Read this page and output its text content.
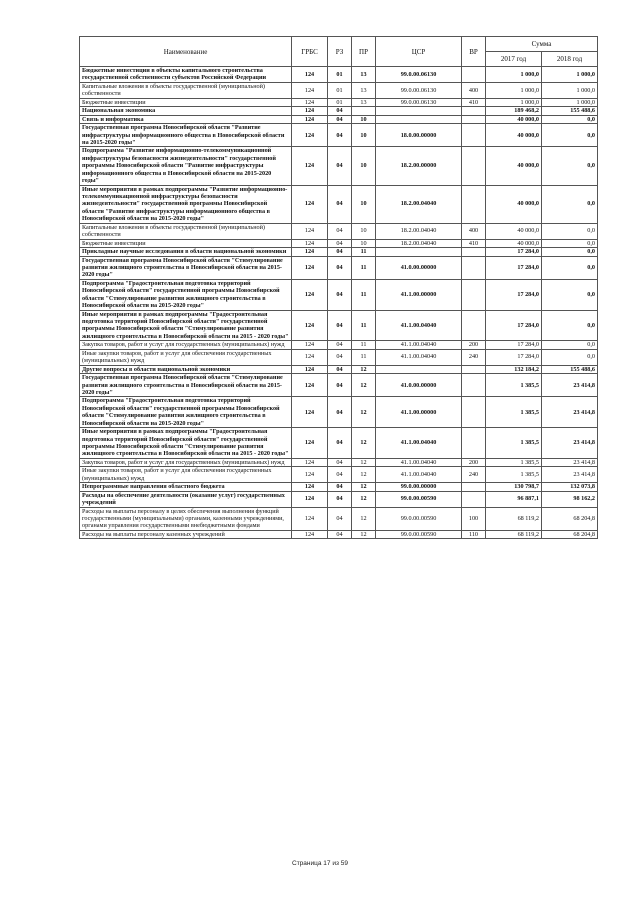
Наименование	ГРБС	РЗ	ПР	ЦСР	ВР	Сумма	
						2017 год	2018 год
Бюджетные инвестиции в объекты капитального строительства государственной собственности субъектов Российской Федерации	124	01	13	99.0.00.06130		1 000,0	1 000,0
Капитальные вложения в объекты государственной (муниципальной) собственности	124	01	13	99.0.00.06130	400	1 000,0	1 000,0
Бюджетные инвестиции	124	01	13	99.0.00.06130	410	1 000,0	1 000,0
Национальная экономика	124	04				189 468,2	155 488,6
Связь и информатика	124	04	10			40 000,0	0,0
Государственная программа Новосибирской области "Развитие инфраструктуры информационного общества в Новосибирской области на 2015-2020 годы"	124	04	10	18.0.00.00000		40 000,0	0,0
Подпрограмма "Развитие информационно-телекоммуникационной инфраструктуры безопасности жизнедеятельности" государственной программы Новосибирской области "Развитие инфраструктуры информационного общества в Новосибирской области на 2015-2020 годы"	124	04	10	18.2.00.00000		40 000,0	0,0
Иные мероприятия в рамках подпрограммы "Развитие информационно-телекоммуникационной инфраструктуры безопасности жизнедеятельности" государственной программы Новосибирской области "Развитие инфраструктуры информационного общества в Новосибирской области на 2015-2020 годы"	124	04	10	18.2.00.04040		40 000,0	0,0
Капитальные вложения в объекты государственной (муниципальной) собственности	124	04	10	18.2.00.04040	400	40 000,0	0,0
Бюджетные инвестиции	124	04	10	18.2.00.04040	410	40 000,0	0,0
Прикладные научные исследования в области национальной экономики	124	04	11			17 284,0	0,0
Государственная программа Новосибирской области "Стимулирование развития жилищного строительства в Новосибирской области на 2015-2020 годы"	124	04	11	41.0.00.00000		17 284,0	0,0
Подпрограмма "Градостроительная подготовка территорий Новосибирской области" государственной программы Новосибирской области "Стимулирование развития жилищного строительства в Новосибирской области на 2015-2020 годы"	124	04	11	41.1.00.00000		17 284,0	0,0
Иные мероприятия в рамках подпрограммы "Градостроительная подготовка территорий Новосибирской области" государственной программы Новосибирской области "Стимулирование развития жилищного строительства в Новосибирской области на 2015 - 2020 годы"	124	04	11	41.1.00.04040		17 284,0	0,0
Закупка товаров, работ и услуг для государственных (муниципальных) нужд	124	04	11	41.1.00.04040	200	17 284,0	0,0
Иные закупки товаров, работ и услуг для обеспечения государственных (муниципальных) нужд	124	04	11	41.1.00.04040	240	17 284,0	0,0
Другие вопросы в области национальной экономики	124	04	12			132 184,2	155 488,6
Государственная программа Новосибирской области "Стимулирование развития жилищного строительства в Новосибирской области на 2015-2020 годы"	124	04	12	41.0.00.00000		1 385,5	23 414,8
Подпрограмма "Градостроительная подготовка территорий Новосибирской области" государственной программы Новосибирской области "Стимулирование развития жилищного строительства в Новосибирской области на 2015-2020 годы"	124	04	12	41.1.00.00000		1 385,5	23 414,8
Иные мероприятия в рамках подпрограммы "Градостроительная подготовка территорий Новосибирской области" государственной программы Новосибирской области "Стимулирование развития жилищного строительства в Новосибирской области на 2015 - 2020 годы"	124	04	12	41.1.00.04040		1 385,5	23 414,8
Закупка товаров, работ и услуг для государственных (муниципальных) нужд	124	04	12	41.1.00.04040	200	1 385,5	23 414,8
Иные закупки товаров, работ и услуг для обеспечения государственных (муниципальных) нужд	124	04	12	41.1.00.04040	240	1 385,5	23 414,8
Непрограммные направления областного бюджета	124	04	12	99.0.00.00000		130 798,7	132 073,8
Расходы на обеспечение деятельности (оказание услуг) государственных учреждений	124	04	12	99.0.00.00590		96 887,1	98 162,2
Расходы на выплаты персоналу в целях обеспечения выполнения функций государственными (муниципальными) органами, казенными учреждениями, органами управления государственными внебюджетными фондами	124	04	12	99.0.00.00590	100	68 119,2	68 204,8
Расходы на выплаты персоналу казенных учреждений	124	04	12	99.0.00.00590	110	68 119,2	68 204,8
Страница 17 из 59
